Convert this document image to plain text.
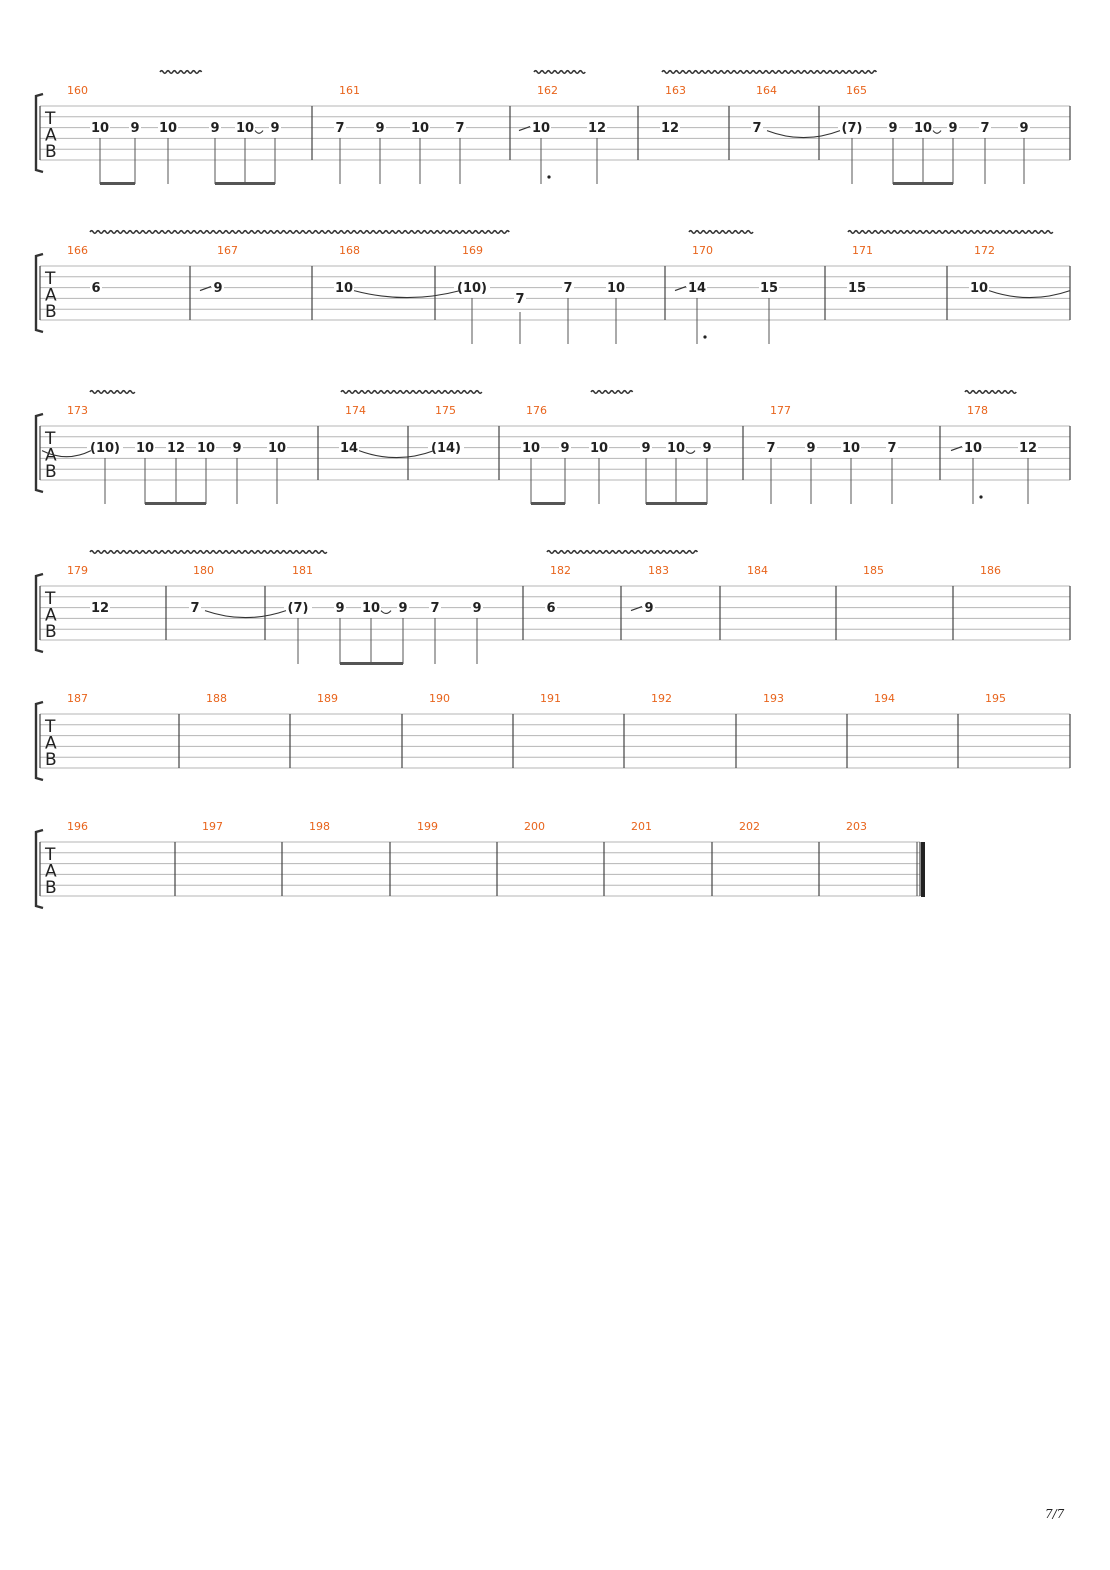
7/7
T
A
B
160
10 9 10	9 10 9
161
7 9 10 7
162
10	12
163
12
164
7
165
(7) 9 10 9 7 9
T
A
B
166
6
167
9
168
10
169
(10)
7
7	10
170
14	15
171
15
172
10
T
A
B
173
(10) 10 12 10 9 10
174
14
175
(14)
176
10 9 10	9 10 9
177
7 9 10 7
178
10	12
T
A
B
179
12
180
7
181
(7) 9 10 9 7	9
182
6
183
9
184	185	186
T
A
B
187	188	189	190	191	192	193	194	195
T
A
B
196	197	198	199	200	201	202	203
